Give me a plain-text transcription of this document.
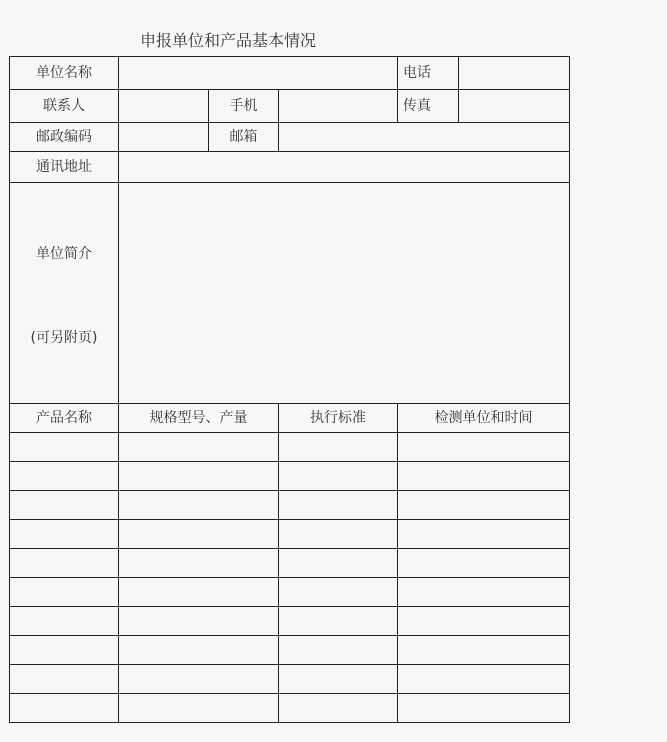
申报单位和产品基本情况
单位名称				电话	
联系人		手机		传真	
邮政编码		邮箱			
通讯地址					

单位简介
(可另附页)					

产品名称	规格型号、产量		执行标准	检测单位和时间	
